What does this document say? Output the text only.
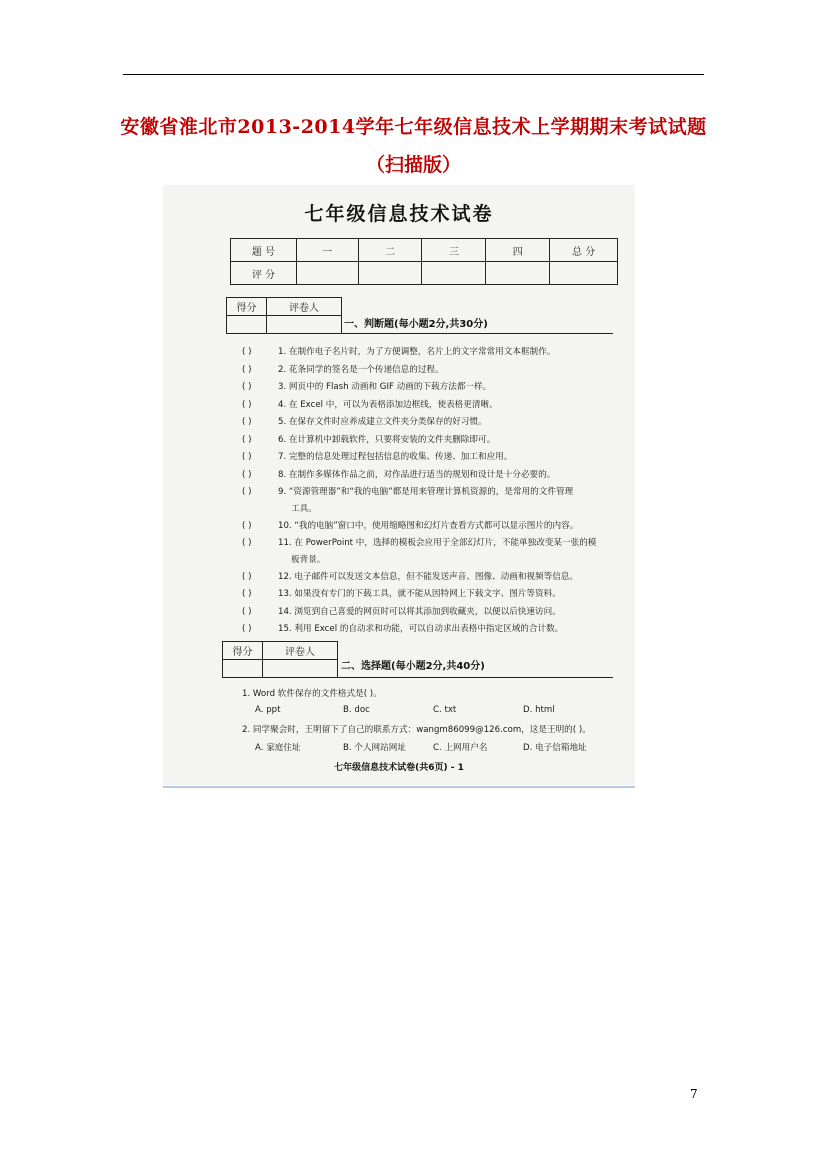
安徽省淮北市2013-2014学年七年级信息技术上学期期末考试试题
（扫描版）
七年级信息技术试卷
题 号	一	二	三	四	总 分
评 分					
得分	评卷人

一、判断题(每小题2分,共30分)
( )	1. 在制作电子名片时，为了方便调整，名片上的文字常常用文本框制作。
( )	2. 花条同学的签名是一个传递信息的过程。
( )	3. 网页中的 Flash 动画和 GIF 动画的下载方法都一样。
( )	4. 在 Excel 中，可以为表格添加边框线，使表格更清晰。
( )	5. 在保存文件时应养成建立文件夹分类保存的好习惯。
( )	6. 在计算机中卸载软件，只要将安装的文件夹删除即可。
( )	7. 完整的信息处理过程包括信息的收集、传递、加工和应用。
( )	8. 在制作多媒体作品之前，对作品进行适当的规划和设计是十分必要的。
( )	9. “资源管理器”和“我的电脑”都是用来管理计算机资源的，是常用的文件管理
工具。
( )	10. “我的电脑”窗口中，使用缩略图和幻灯片查看方式都可以显示图片的内容。
( )	11. 在 PowerPoint 中，选择的模板会应用于全部幻灯片，不能单独改变某一张的模
板背景。
( )	12. 电子邮件可以发送文本信息，但不能发送声音、图像、动画和视频等信息。
( )	13. 如果没有专门的下载工具，就不能从因特网上下载文字、图片等资料。
( )	14. 浏览到自己喜爱的网页时可以将其添加到收藏夹，以便以后快速访问。
( )	15. 利用 Excel 的自动求和功能，可以自动求出表格中指定区域的合计数。
得分	评卷人

二、选择题(每小题2分,共40分)
1. Word 软件保存的文件格式是( )。
A. ppt	B. doc	C. txt	D. html
2. 同学聚会时，王明留下了自己的联系方式：wangm86099@126.com，这是王明的( )。
A. 家庭住址	B. 个人网站网址	C. 上网用户名	D. 电子信箱地址
七年级信息技术试卷(共6页) - 1
7
